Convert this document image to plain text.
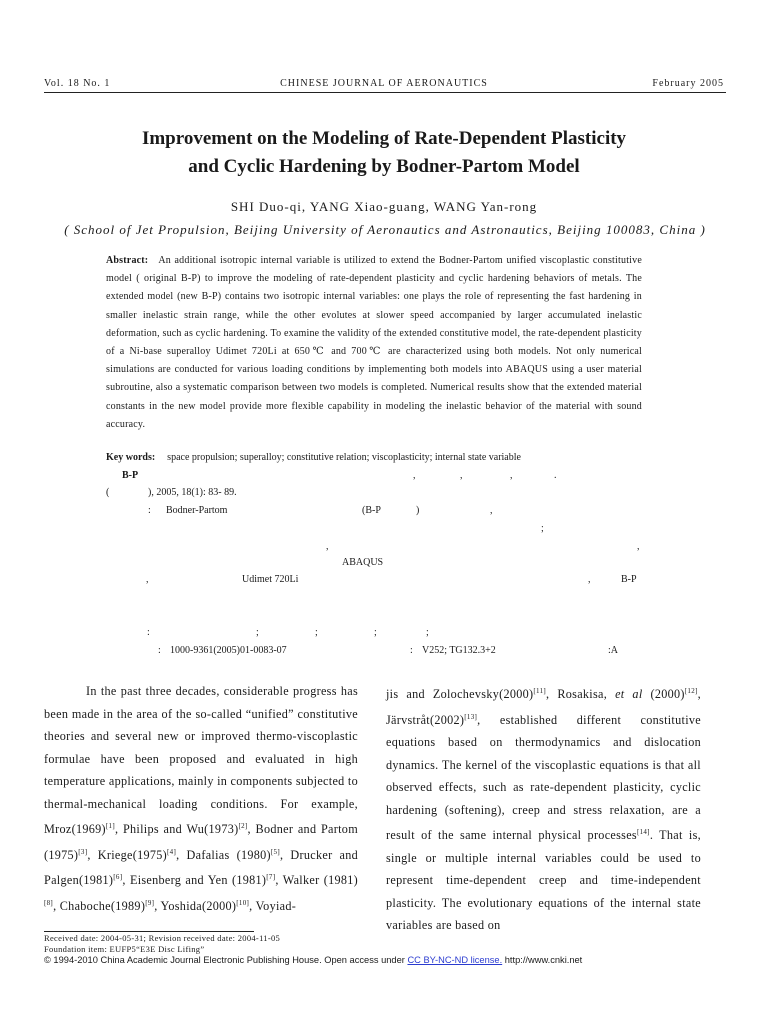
Vol. 18 No. 1	CHINESE JOURNAL OF AERONAUTICS	February 2005
Improvement on the Modeling of Rate-Dependent Plasticity
and Cyclic Hardening by Bodner-Partom Model
SHI Duo-qi, YANG Xiao-guang, WANG Yan-rong
( School of Jet Propulsion, Beijing University of Aeronautics and Astronautics, Beijing 100083, China )
Abstract: An additional isotropic internal variable is utilized to extend the Bodner-Partom unified viscoplastic constitutive model ( original B-P) to improve the modeling of rate-dependent plasticity and cyclic hardening behaviors of metals. The extended model (new B-P) contains two isotropic internal variables: one plays the role of representing the fast hardening in smaller inelastic strain range, while the other evolutes at slower speed accompanied by larger accumulated inelastic deformation, such as cyclic hardening. To examine the validity of the extended constitutive model, the rate-dependent plasticity of a Ni-base superalloy Udimet 720Li at 650℃ and 700℃ are characterized using both models. Not only numerical simulations are conducted for various loading conditions by implementing both models into ABAQUS using a user material subroutine, also a systematic comparison between two models is completed. Numerical results show that the extended material constants in the new model provide more flexible capability in modeling the inelastic behavior of the material with sound accuracy.
Key words: space propulsion; superalloy; constitutive relation; viscoplasticity; internal state variable
B-P	,	,	,	.
(	), 2005, 18(1): 83- 89.
: Bodner-Partom	(B-P	)	,
;
,	,
ABAQUS
,	Udimet 720Li	,	B-P
:	;	;	;	;
: 1000-9361(2005)01-0083-07	: V252; TG132.3+2	:A
In the past three decades, considerable progress has been made in the area of the so-called “unified” constitutive theories and several new or improved thermo-viscoplastic formulae have been proposed and evaluated in high temperature applications, mainly in components subjected to thermal-mechanical loading conditions. For example, Mroz(1969)[1], Philips and Wu(1973)[2], Bodner and Partom (1975)[3], Kriege(1975)[4], Dafalias (1980)[5], Drucker and Palgen(1981)[6], Eisenberg and Yen (1981)[7], Walker (1981)[8], Chaboche(1989)[9], Yoshida(2000)[10], Voyiad-
jis and Zolochevsky(2000)[11], Rosakisa, et al (2000)[12], Järvstråt(2002)[13], established different constitutive equations based on thermodynamics and dislocation dynamics. The kernel of the viscoplastic equations is that all observed effects, such as rate-dependent plasticity, cyclic hardening (softening), creep and stress relaxation, are a result of the same internal physical processes[14]. That is, single or multiple internal variables could be used to represent time-dependent creep and time-independent plasticity. The evolutionary equations of the internal state variables are based on
Received date: 2004-05-31; Revision received date: 2004-11-05
Foundation item: EUFP5“E3E Disc Lifing”
© 1994-2010 China Academic Journal Electronic Publishing House. Open access under CC BY-NC-ND license. http://www.cnki.net
